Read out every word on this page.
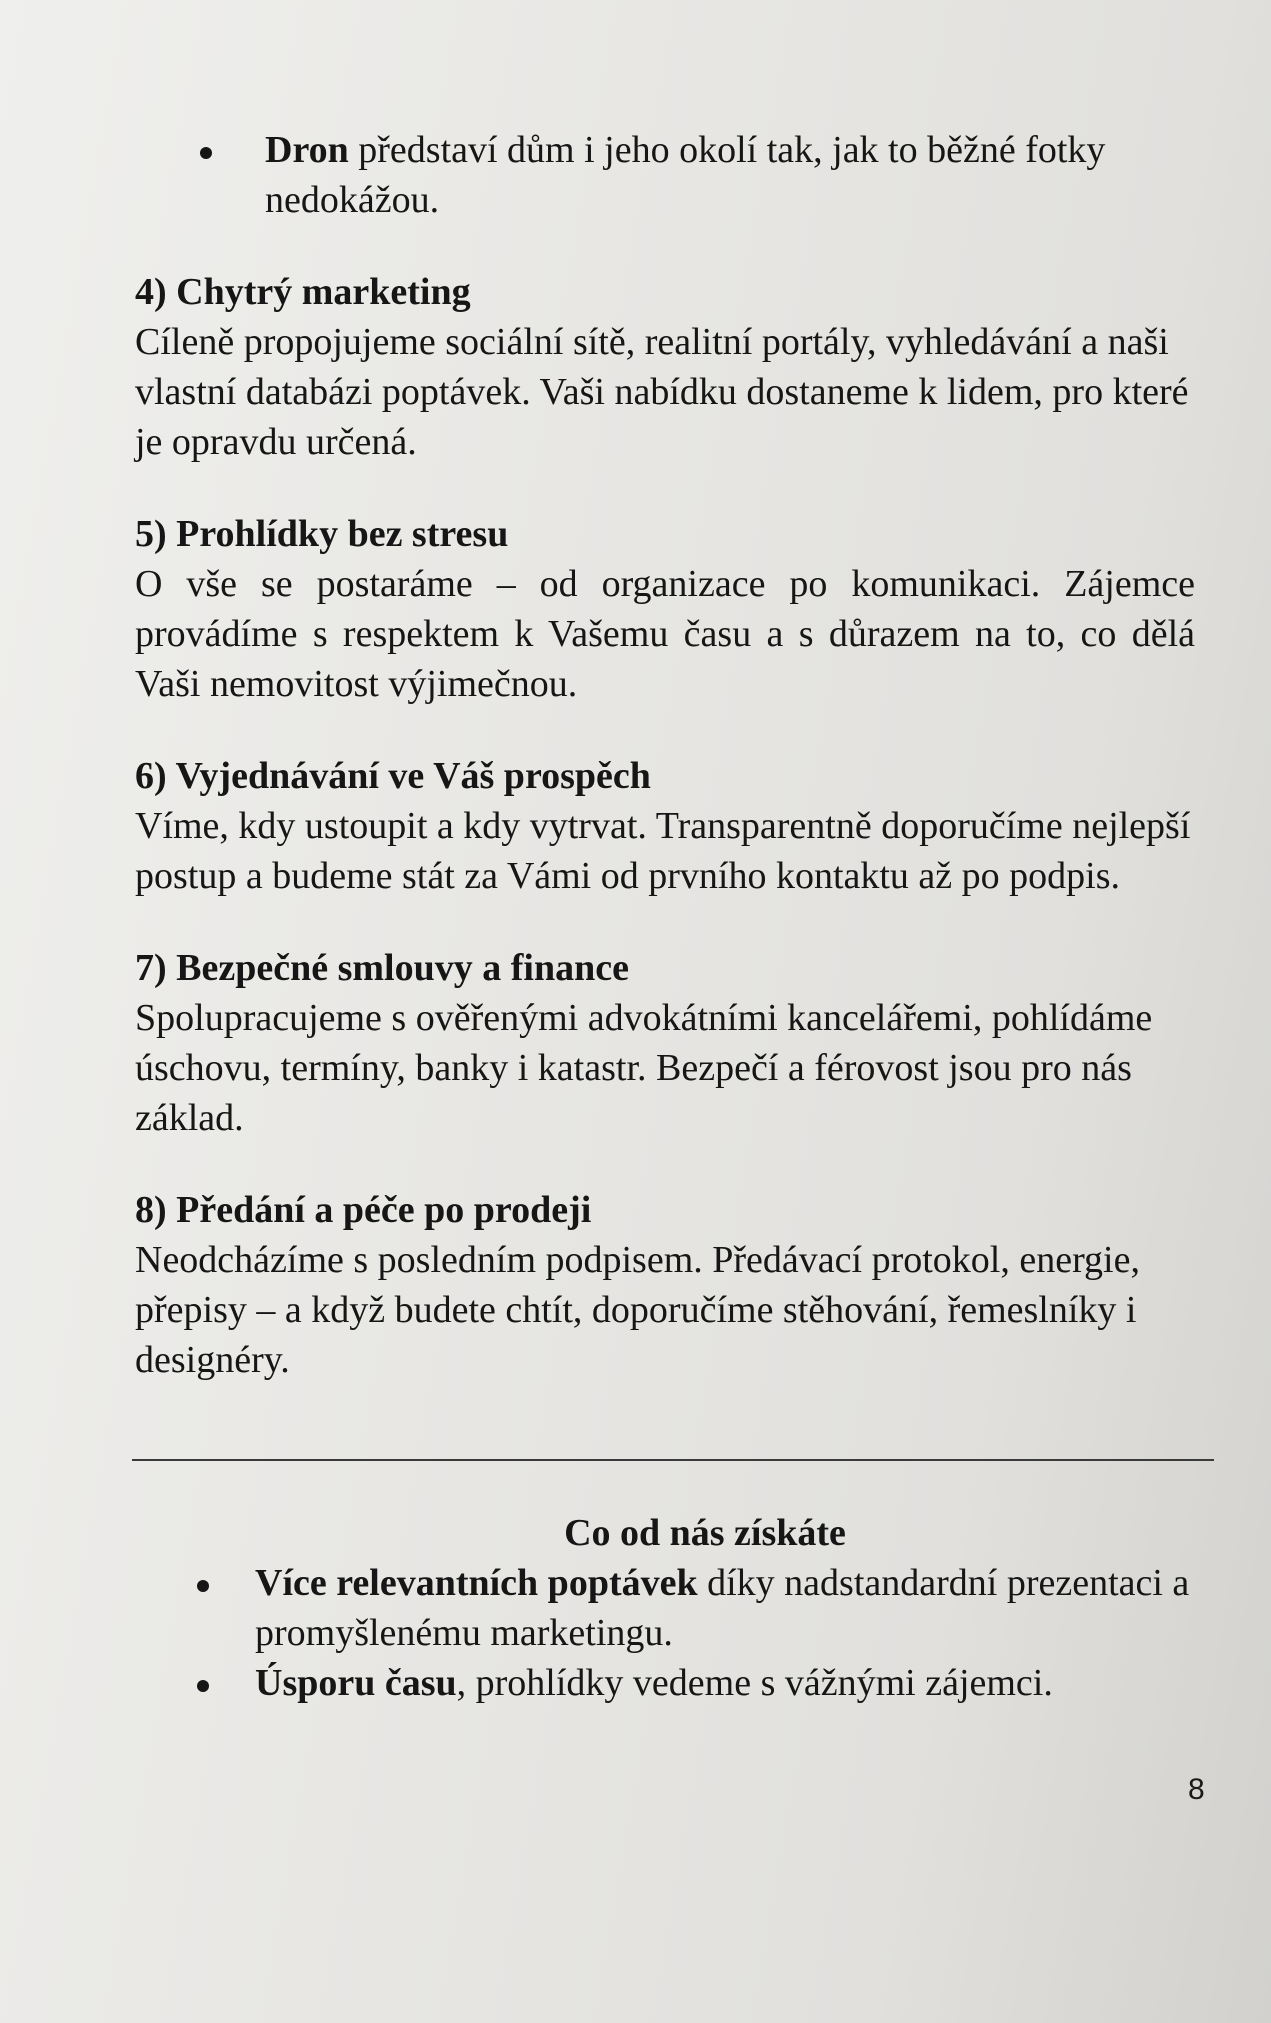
Dron představí dům i jeho okolí tak, jak to běžné fotky nedokážou.

4) Chytrý marketing

Cíleně propojujeme sociální sítě, realitní portály, vyhledávání a naši vlastní databázi poptávek. Vaši nabídku dostaneme k lidem, pro které je opravdu určená.

5) Prohlídky bez stresu

O vše se postaráme – od organizace po komunikaci. Zájemce provádíme s respektem k Vašemu času a s důrazem na to, co dělá Vaši nemovitost výjimečnou.

6) Vyjednávání ve Váš prospěch

Víme, kdy ustoupit a kdy vytrvat. Transparentně doporučíme nejlepší postup a budeme stát za Vámi od prvního kontaktu až po podpis.

7) Bezpečné smlouvy a finance

Spolupracujeme s ověřenými advokátními kancelářemi, pohlídáme úschovu, termíny, banky i katastr. Bezpečí a férovost jsou pro nás základ.

8) Předání a péče po prodeji

Neodcházíme s posledním podpisem. Předávací protokol, energie, přepisy – a když budete chtít, doporučíme stěhování, řemeslníky i designéry.

Co od nás získáte

Více relevantních poptávek díky nadstandardní prezentaci a promyšlenému marketingu.
Úsporu času, prohlídky vedeme s vážnými zájemci.
8
